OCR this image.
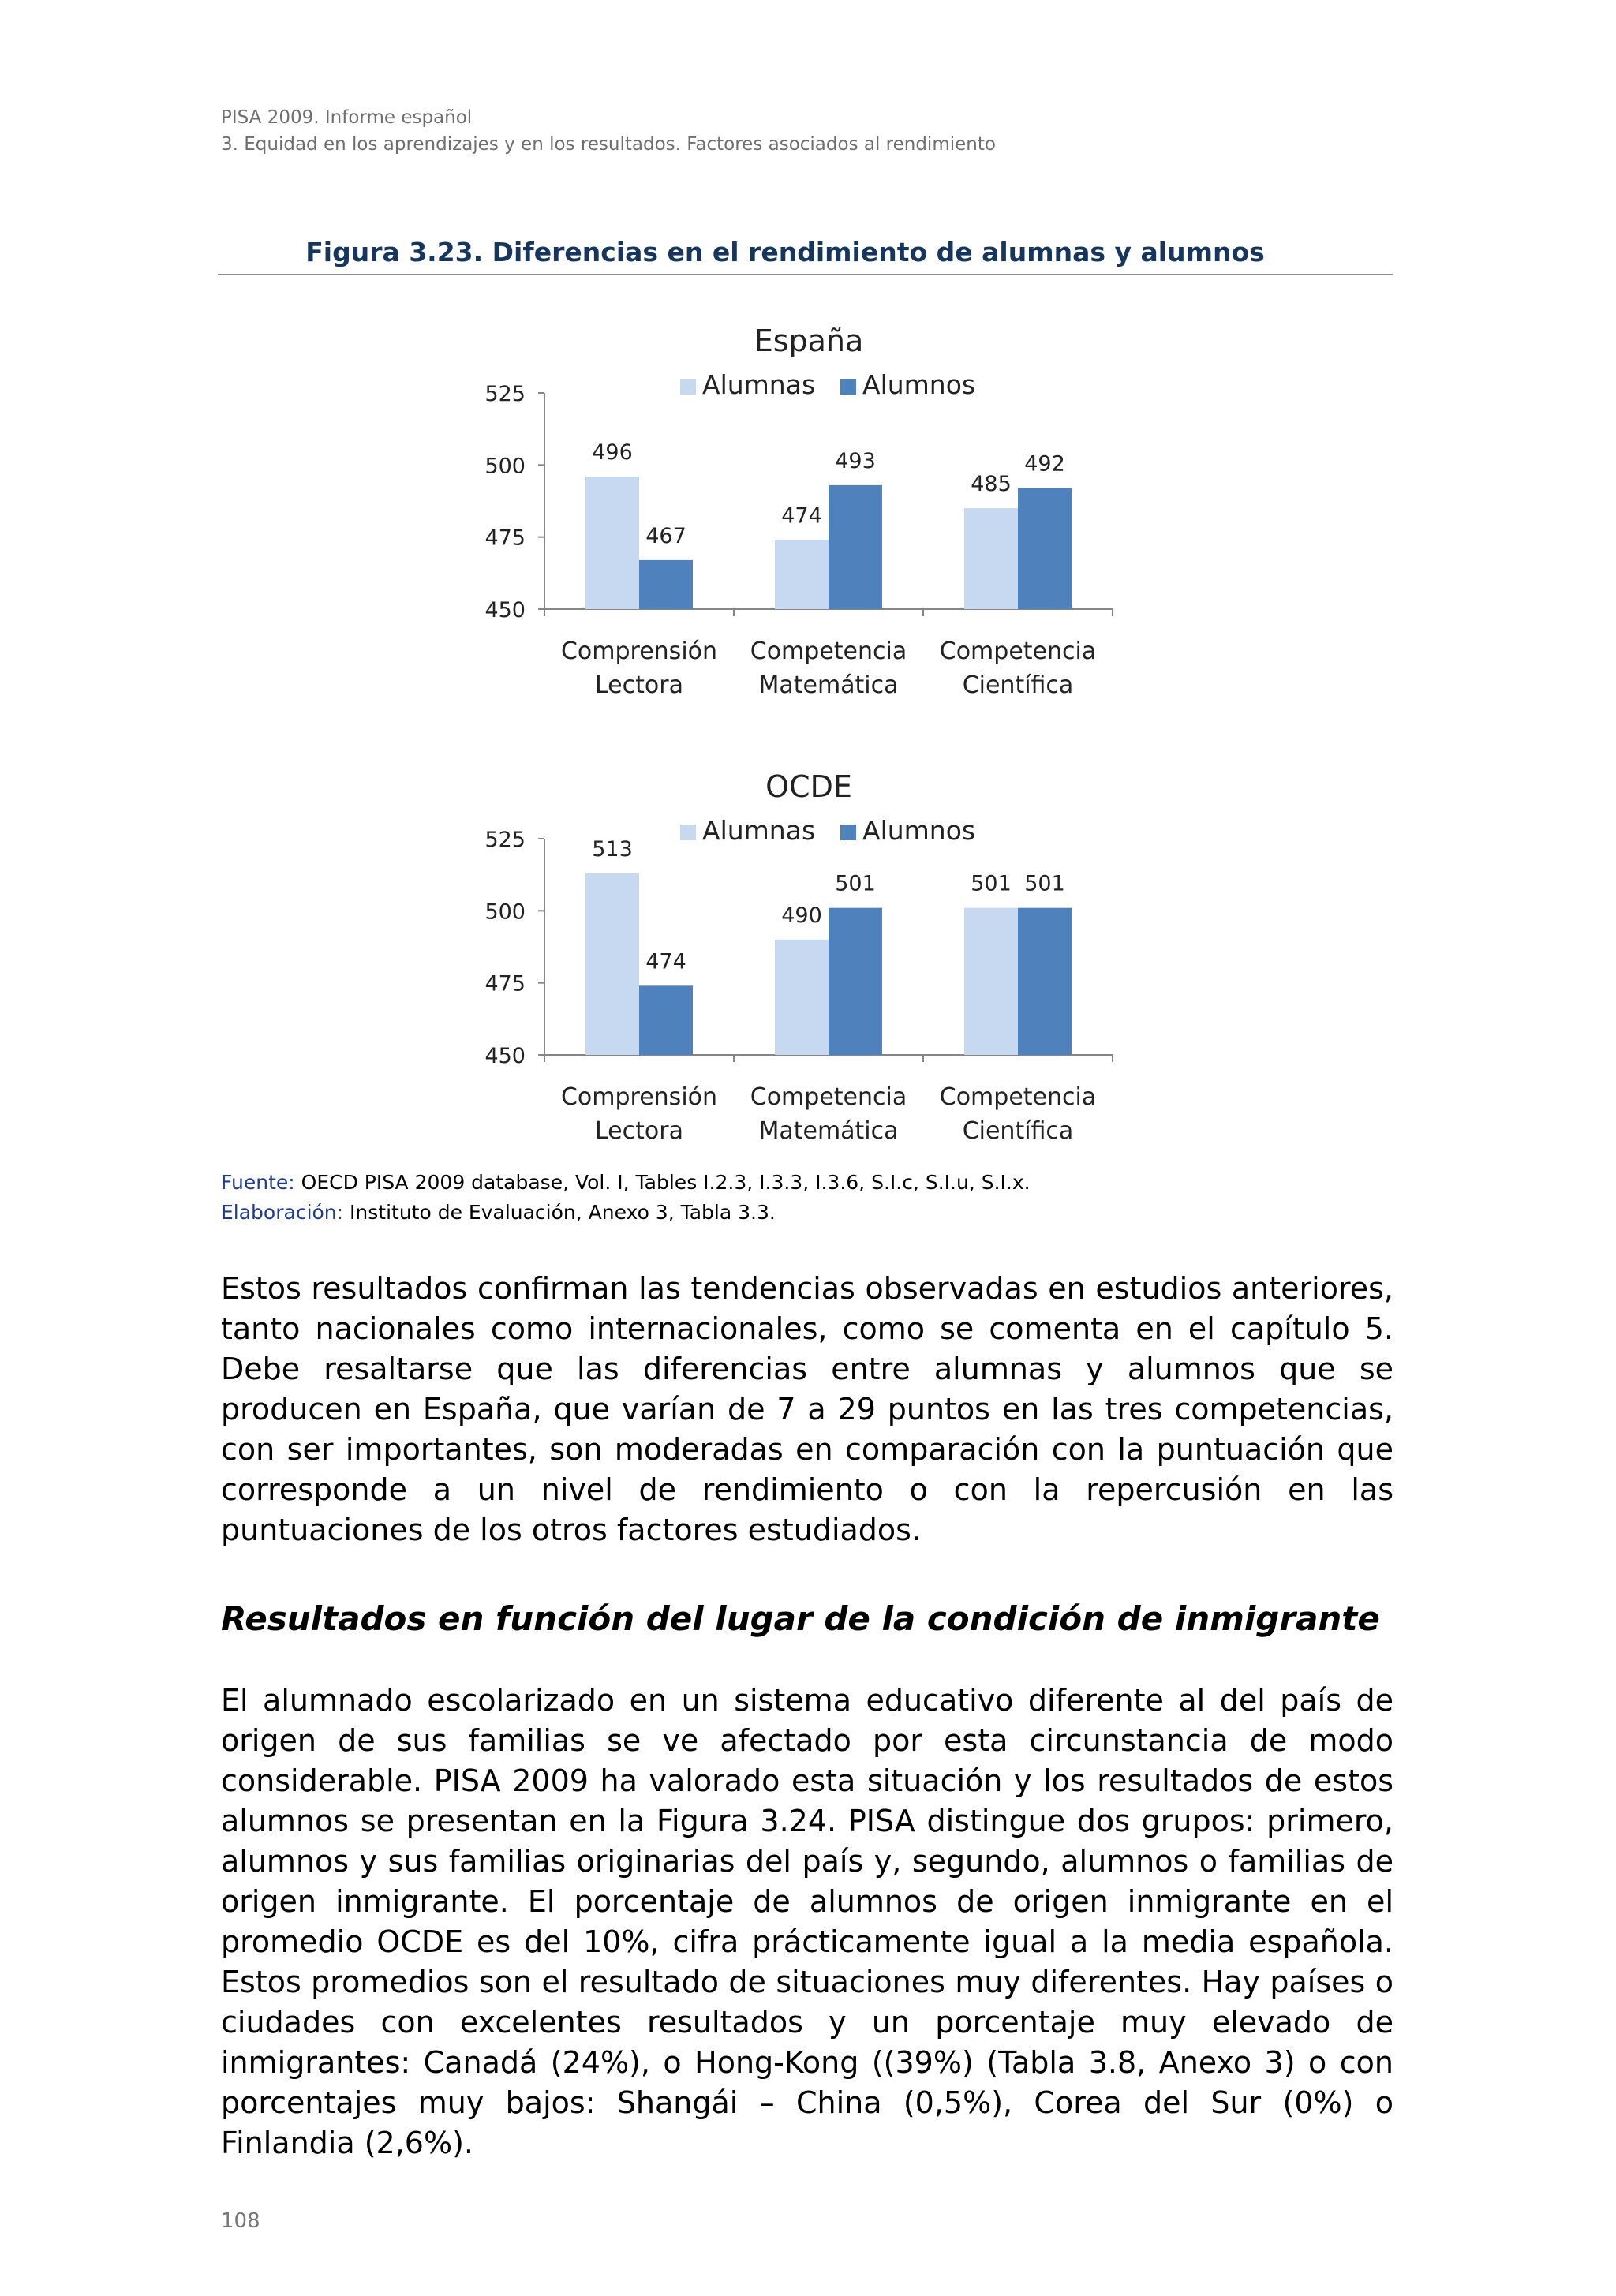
PISA 2009. Informe español
3. Equidad en los aprendizajes y en los resultados. Factores asociados al rendimiento
Figura 3.23. Diferencias en el rendimiento de alumnas y alumnos
España
Alumnas Alumnos
450
475
500
525
496
467
Comprensión
Lectora
474
493
Competencia
Matemática
485
492
Competencia
Científica
OCDE
Alumnas Alumnos
450
475
500
525	513
474
Comprensión
Lectora
490
501
Competencia
Matemática
501 501
Competencia
Científica
Fuente: OECD PISA 2009 database, Vol. I, Tables I.2.3, I.3.3, I.3.6, S.I.c, S.I.u, S.I.x.
Elaboración: Instituto de Evaluación, Anexo 3, Tabla 3.3.

Estos resultados confirman las tendencias observadas en estudios anteriores, tanto nacionales como internacionales, como se comenta en el capítulo 5. Debe resaltarse que las diferencias entre alumnas y alumnos que se producen en España, que varían de 7 a 29 puntos en las tres competencias, con ser importantes, son moderadas en comparación con la puntuación que corresponde a un nivel de rendimiento o con la repercusión en las puntuaciones de los otros factores estudiados.

Resultados en función del lugar de la condición de inmigrante

El alumnado escolarizado en un sistema educativo diferente al del país de origen de sus familias se ve afectado por esta circunstancia de modo considerable. PISA 2009 ha valorado esta situación y los resultados de estos alumnos se presentan en la Figura 3.24. PISA distingue dos grupos: primero, alumnos y sus familias originarias del país y, segundo, alumnos o familias de origen inmigrante. El porcentaje de alumnos de origen inmigrante en el promedio OCDE es del 10%, cifra prácticamente igual a la media española. Estos promedios son el resultado de situaciones muy diferentes. Hay países o ciudades con excelentes resultados y un porcentaje muy elevado de inmigrantes: Canadá (24%), o Hong-Kong ((39%) (Tabla 3.8, Anexo 3) o con porcentajes muy bajos: Shangái – China (0,5%), Corea del Sur (0%) o Finlandia (2,6%).

108
